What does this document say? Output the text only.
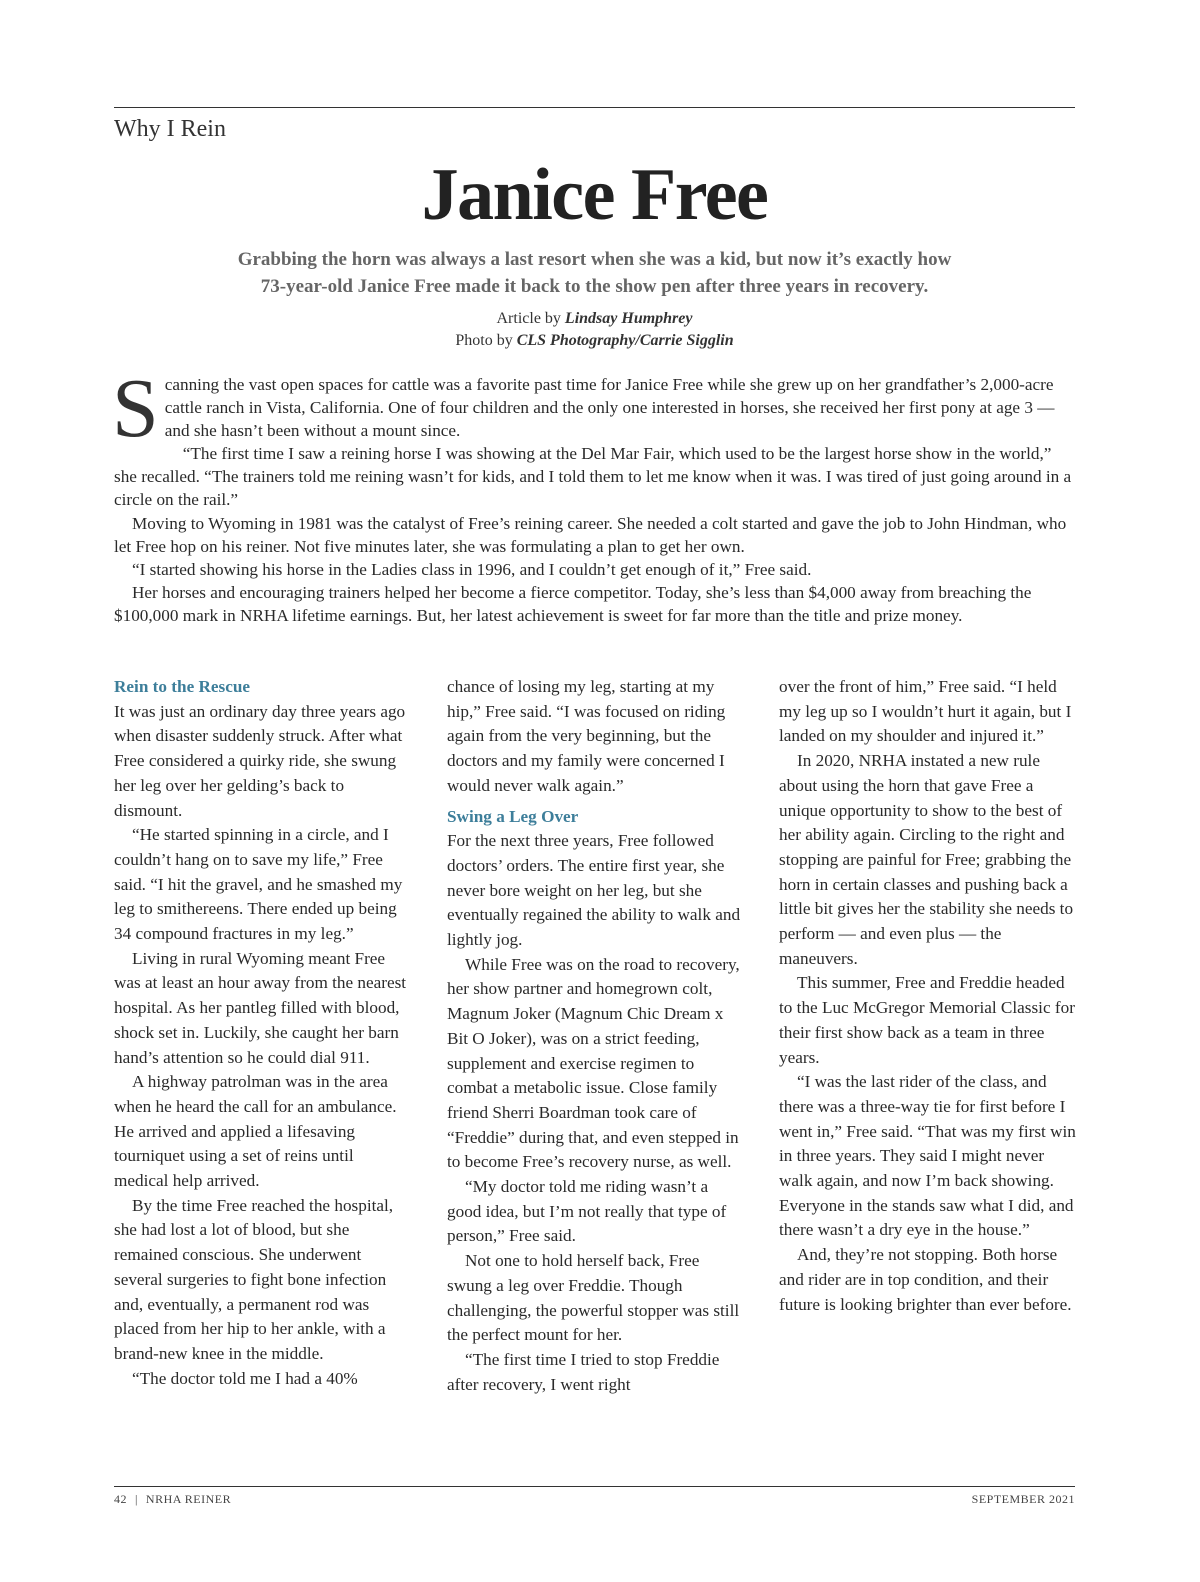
Why I Rein
Janice Free
Grabbing the horn was always a last resort when she was a kid, but now it’s exactly how
73-year-old Janice Free made it back to the show pen after three years in recovery.
Article by Lindsay Humphrey
Photo by CLS Photography/Carrie Sigglin

Scanning the vast open spaces for cattle was a favorite past time for Janice Free while she grew up on her grandfather’s 2,000-acre cattle ranch in Vista, California. One of four children and the only one interested in horses, she received her first pony at age 3 — and she hasn’t been without a mount since.

“The first time I saw a reining horse I was showing at the Del Mar Fair, which used to be the largest horse show in the world,” she recalled. “The trainers told me reining wasn’t for kids, and I told them to let me know when it was. I was tired of just going around in a circle on the rail.”

Moving to Wyoming in 1981 was the catalyst of Free’s reining career. She needed a colt started and gave the job to John Hindman, who let Free hop on his reiner. Not five minutes later, she was formulating a plan to get her own.

“I started showing his horse in the Ladies class in 1996, and I couldn’t get enough of it,” Free said.

Her horses and encouraging trainers helped her become a fierce competitor. Today, she’s less than $4,000 away from breaching the $100,000 mark in NRHA lifetime earnings. But, her latest achievement is sweet for far more than the title and prize money.

Rein to the Rescue

It was just an ordinary day three years ago when disaster suddenly struck. After what Free considered a quirky ride, she swung her leg over her gelding’s back to dismount.

“He started spinning in a circle, and I couldn’t hang on to save my life,” Free said. “I hit the gravel, and he smashed my leg to smithereens. There ended up being 34 compound fractures in my leg.”

Living in rural Wyoming meant Free was at least an hour away from the nearest hospital. As her pantleg filled with blood, shock set in. Luckily, she caught her barn hand’s attention so he could dial 911.

A highway patrolman was in the area when he heard the call for an ambulance. He arrived and applied a lifesaving tourniquet using a set of reins until medical help arrived.

By the time Free reached the hospital, she had lost a lot of blood, but she remained conscious. She underwent several surgeries to fight bone infection and, eventually, a permanent rod was placed from her hip to her ankle, with a brand-new knee in the middle.

“The doctor told me I had a 40%

chance of losing my leg, starting at my hip,” Free said. “I was focused on riding again from the very beginning, but the doctors and my family were concerned I would never walk again.”

Swing a Leg Over

For the next three years, Free followed doctors’ orders. The entire first year, she never bore weight on her leg, but she eventually regained the ability to walk and lightly jog.

While Free was on the road to recovery, her show partner and homegrown colt, Magnum Joker (Magnum Chic Dream x Bit O Joker), was on a strict feeding, supplement and exercise regimen to combat a metabolic issue. Close family friend Sherri Boardman took care of “Freddie” during that, and even stepped in to become Free’s recovery nurse, as well.

“My doctor told me riding wasn’t a good idea, but I’m not really that type of person,” Free said.

Not one to hold herself back, Free swung a leg over Freddie. Though challenging, the powerful stopper was still the perfect mount for her.

“The first time I tried to stop Freddie after recovery, I went right

over the front of him,” Free said. “I held my leg up so I wouldn’t hurt it again, but I landed on my shoulder and injured it.”

In 2020, NRHA instated a new rule about using the horn that gave Free a unique opportunity to show to the best of her ability again. Circling to the right and stopping are painful for Free; grabbing the horn in certain classes and pushing back a little bit gives her the stability she needs to perform — and even plus — the maneuvers.

This summer, Free and Freddie headed to the Luc McGregor Memorial Classic for their first show back as a team in three years.

“I was the last rider of the class, and there was a three-way tie for first before I went in,” Free said. “That was my first win in three years. They said I might never walk again, and now I’m back showing. Everyone in the stands saw what I did, and there wasn’t a dry eye in the house.”

And, they’re not stopping. Both horse and rider are in top condition, and their future is looking brighter than ever before.

42 | NRHA REINER	SEPTEMBER 2021
